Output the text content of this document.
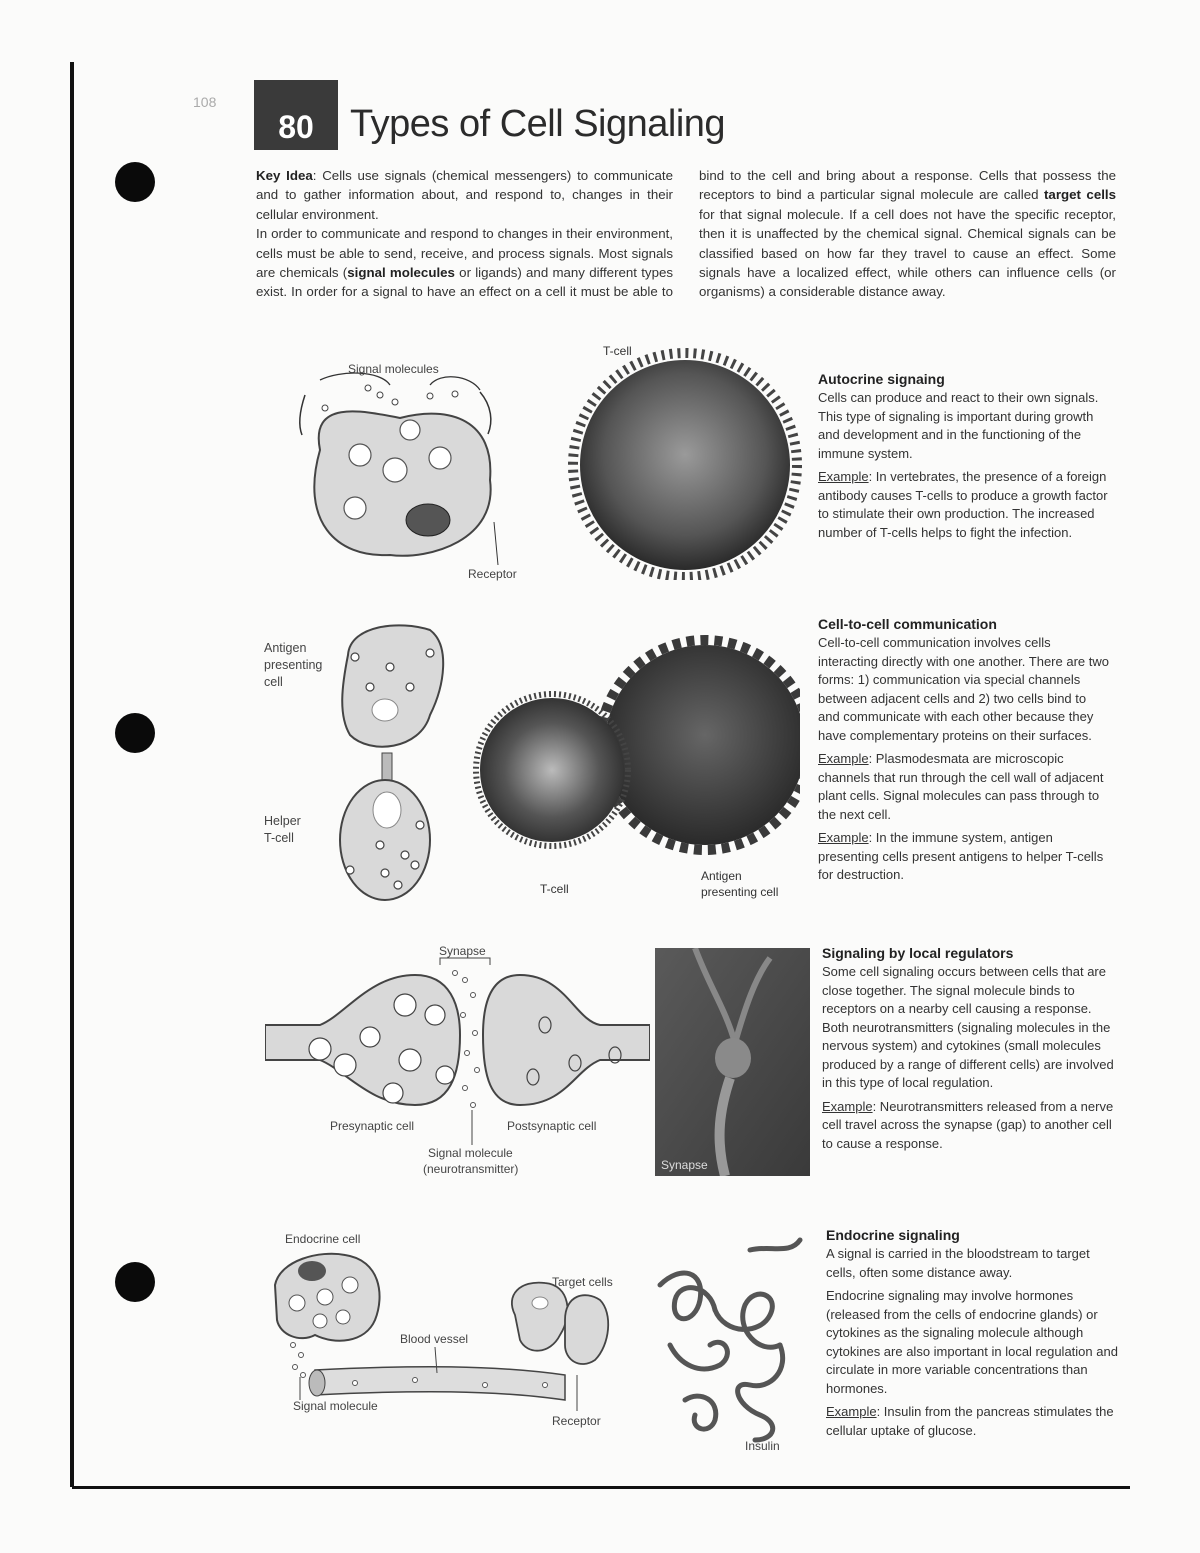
108
80 Types of Cell Signaling
Key Idea: Cells use signals (chemical messengers) to communicate and to gather information about, and respond to, changes in their cellular environment.
In order to communicate and respond to changes in their environment, cells must be able to send, receive, and process signals. Most signals are chemicals (signal molecules or ligands) and many different types exist. In order for a signal to have an effect on a cell it must be able to bind to the cell and bring about a response. Cells that possess the receptors to bind a particular signal molecule are called target cells for that signal molecule. If a cell does not have the specific receptor, then it is unaffected by the chemical signal. Chemical signals can be classified based on how far they travel to cause an effect. Some signals have a localized effect, while others can influence cells (or organisms) a considerable distance away.
Signal molecules
Receptor
T-cell
Autocrine signaing

Cells can produce and react to their own signals. This type of signaling is important during growth and development and in the functioning of the immune system.

Example: In vertebrates, the presence of a foreign antibody causes T-cells to produce a growth factor to stimulate their own production. The increased number of T-cells helps to fight the infection.

Antigen
presenting
cell
Helper
T-cell
T-cell
Antigen
presenting cell
Cell-to-cell communication

Cell-to-cell communication involves cells interacting directly with one another. There are two forms: 1) communication via special channels between adjacent cells and 2) two cells bind to and communicate with each other because they have complementary proteins on their surfaces.

Example: Plasmodesmata are microscopic channels that run through the cell wall of adjacent plant cells. Signal molecules can pass through to the next cell.

Example: In the immune system, antigen presenting cells present antigens to helper T-cells for destruction.

Synapse
Presynaptic cell	Postsynaptic cell
Signal molecule
(neurotransmitter)	Synapse
Signaling by local regulators

Some cell signaling occurs between cells that are close together. The signal molecule binds to receptors on a nearby cell causing a response. Both neurotransmitters (signaling molecules in the nervous system) and cytokines (small molecules produced by a range of different cells) are involved in this type of local regulation.

Example: Neurotransmitters released from a nerve cell travel across the synapse (gap) to another cell to cause a response.

Endocrine cell
Blood vessel
Target cells
Signal molecule
Receptor
Insulin
Endocrine signaling

A signal is carried in the bloodstream to target cells, often some distance away.

Endocrine signaling may involve hormones (released from the cells of endocrine glands) or cytokines as the signaling molecule although cytokines are also important in local regulation and circulate in more variable concentrations than hormones.

Example: Insulin from the pancreas stimulates the cellular uptake of glucose.
